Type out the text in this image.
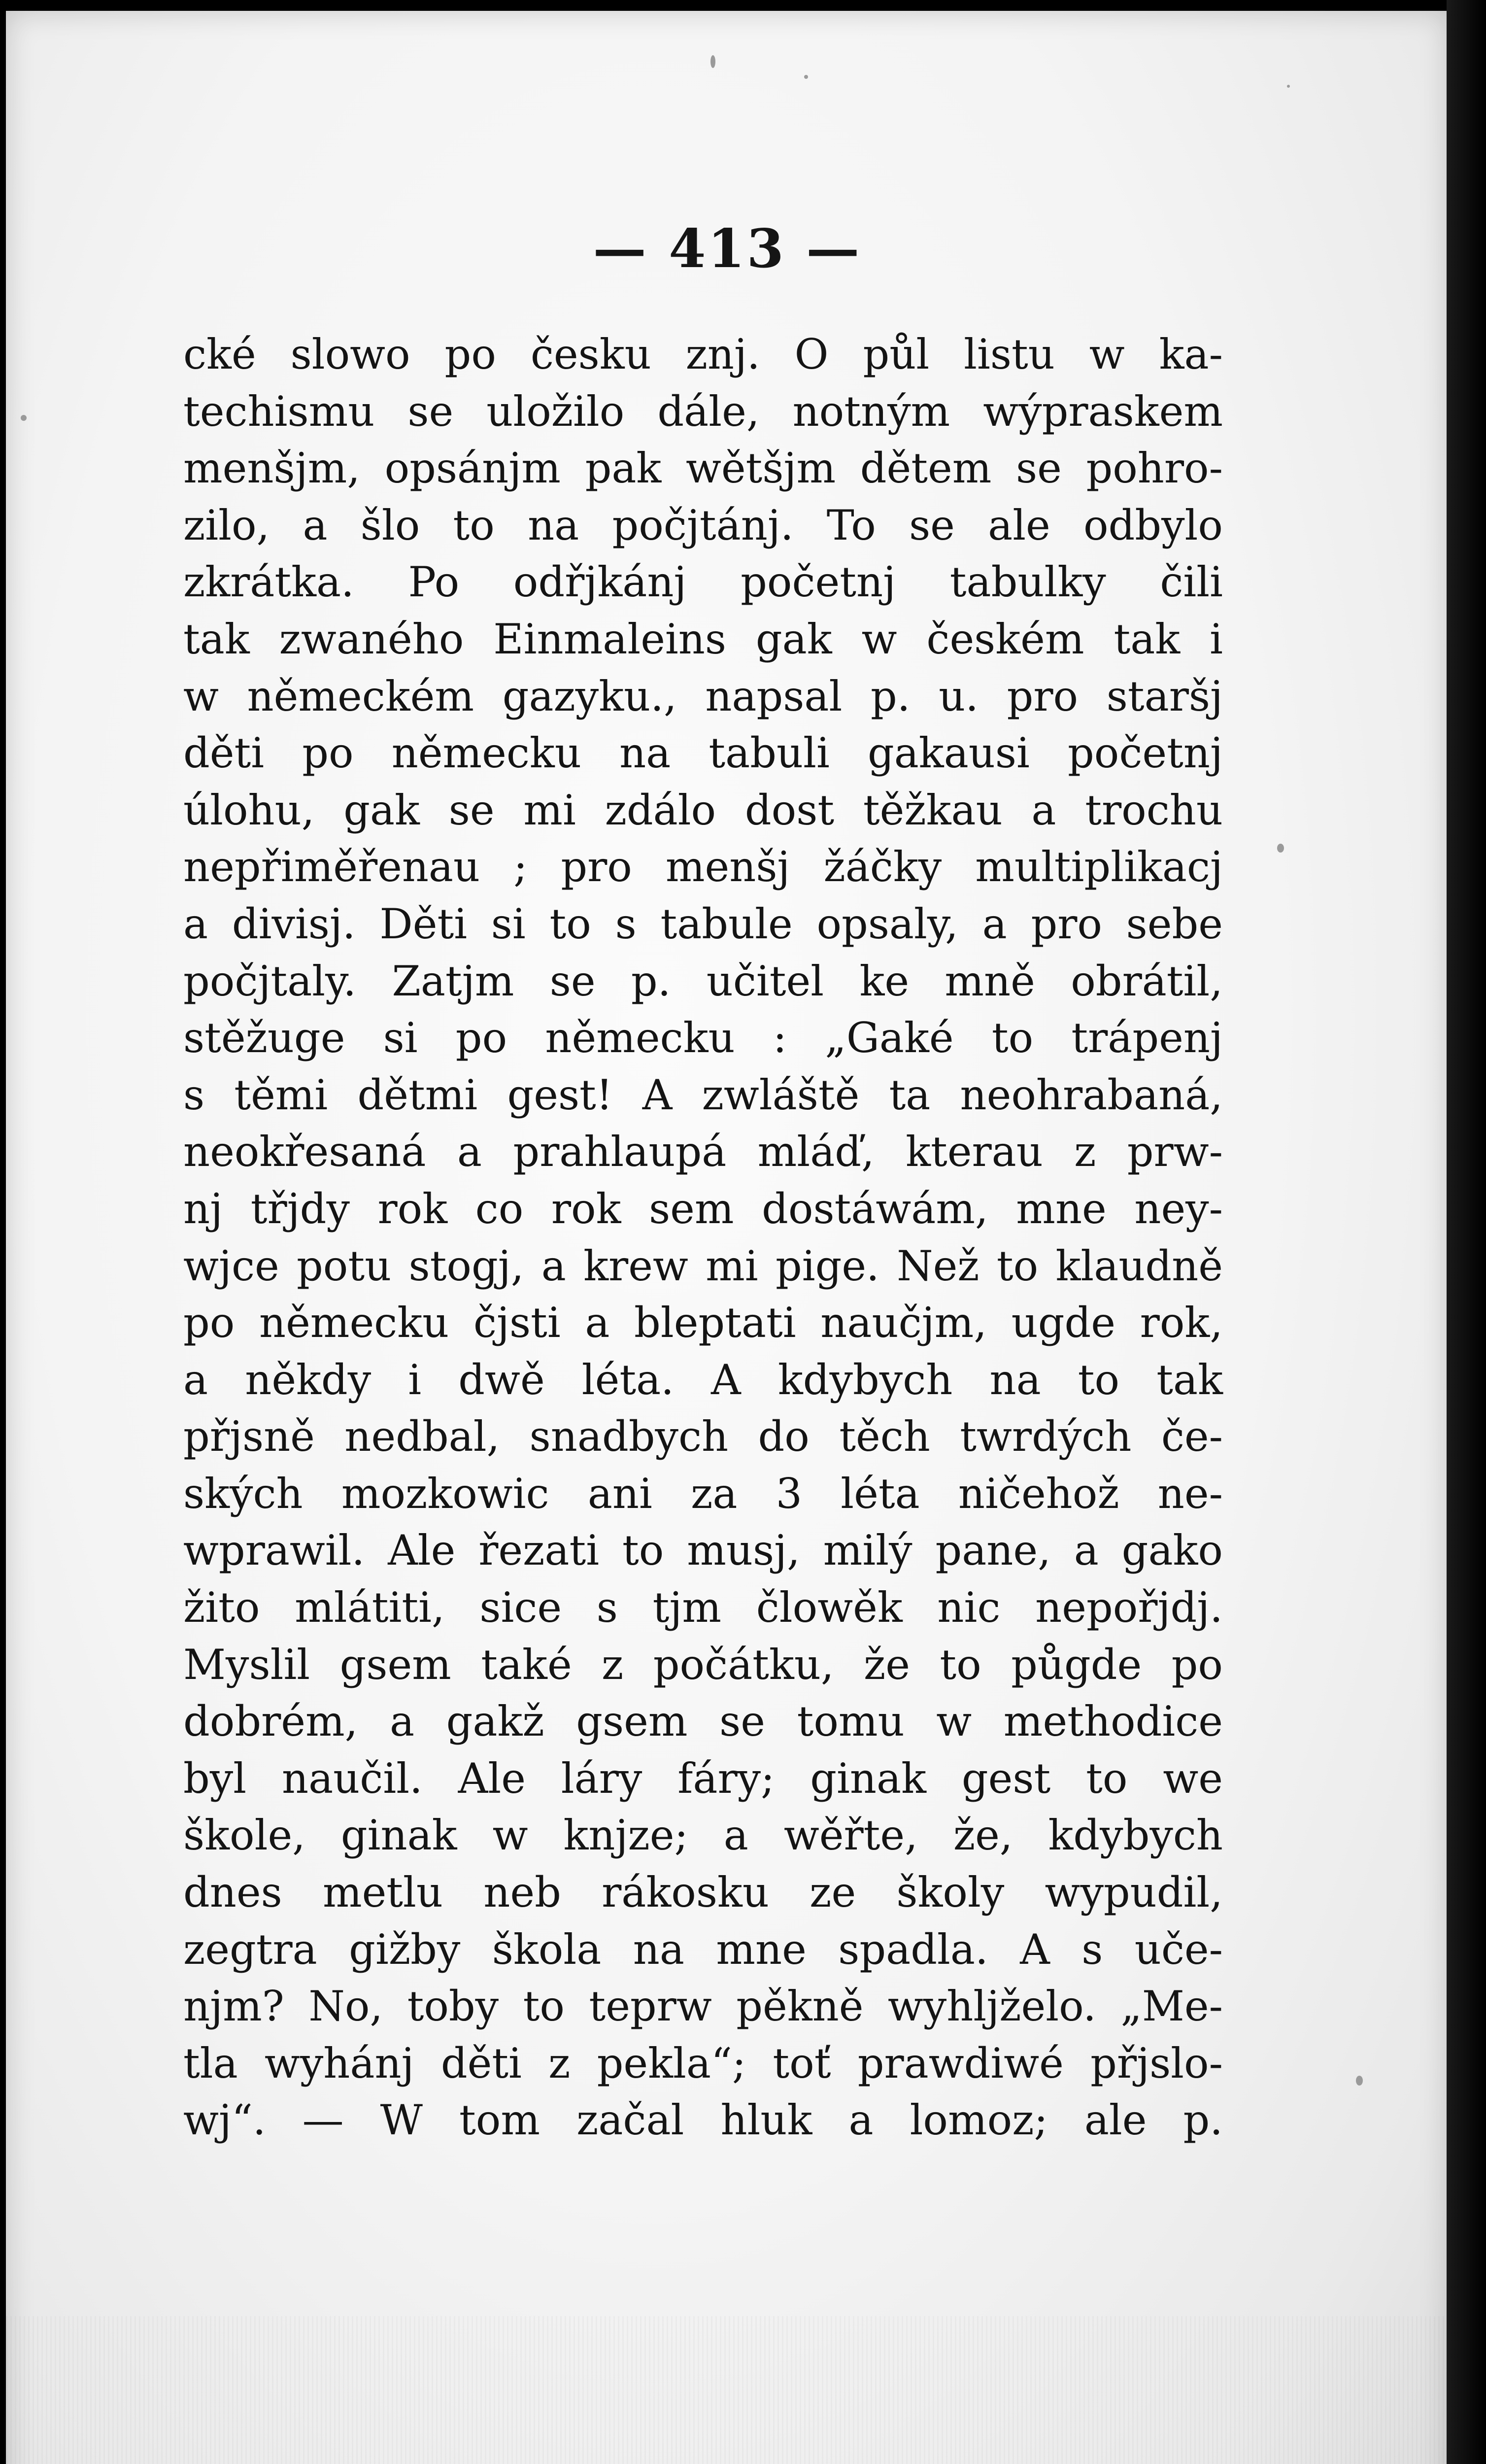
— 413 —
cké slowo po česku znj. O půl listu w ka-
techismu se uložilo dále, notným wýpraskem
menšjm, opsánjm pak wětšjm dětem se pohro-
zilo, a šlo to na počjtánj. To se ale odbylo
zkrátka. Po odřjkánj početnj tabulky čili
tak zwaného Einmaleins gak w českém tak i
w německém gazyku., napsal p. u. pro staršj
děti po německu na tabuli gakausi početnj
úlohu, gak se mi zdálo dost těžkau a trochu
nepřiměřenau ; pro menšj žáčky multiplikacj
a divisj. Děti si to s tabule opsaly, a pro sebe
počjtaly. Zatjm se p. učitel ke mně obrátil,
stěžuge si po německu : „Gaké to trápenj
s těmi dětmi gest! A zwláště ta neohrabaná,
neokřesaná a prahlaupá mláď, kterau z prw-
nj třjdy rok co rok sem dostáwám, mne ney-
wjce potu stogj, a krew mi pige. Než to klaudně
po německu čjsti a bleptati naučjm, ugde rok,
a někdy i dwě léta. A kdybych na to tak
přjsně nedbal, snadbych do těch twrdých če-
ských mozkowic ani za 3 léta ničehož ne-
wprawil. Ale řezati to musj, milý pane, a gako
žito mlátiti, sice s tjm člowěk nic nepořjdj.
Myslil gsem také z počátku, že to půgde po
dobrém, a gakž gsem se tomu w methodice
byl naučil. Ale láry fáry; ginak gest to we
škole, ginak w knjze; a wěřte, že, kdybych
dnes metlu neb rákosku ze školy wypudil,
zegtra gižby škola na mne spadla. A s uče-
njm? No, toby to teprw pěkně wyhljželo. „Me-
tla wyhánj děti z pekla“; toť prawdiwé přjslo-
wj“. — W tom začal hluk a lomoz; ale p.
